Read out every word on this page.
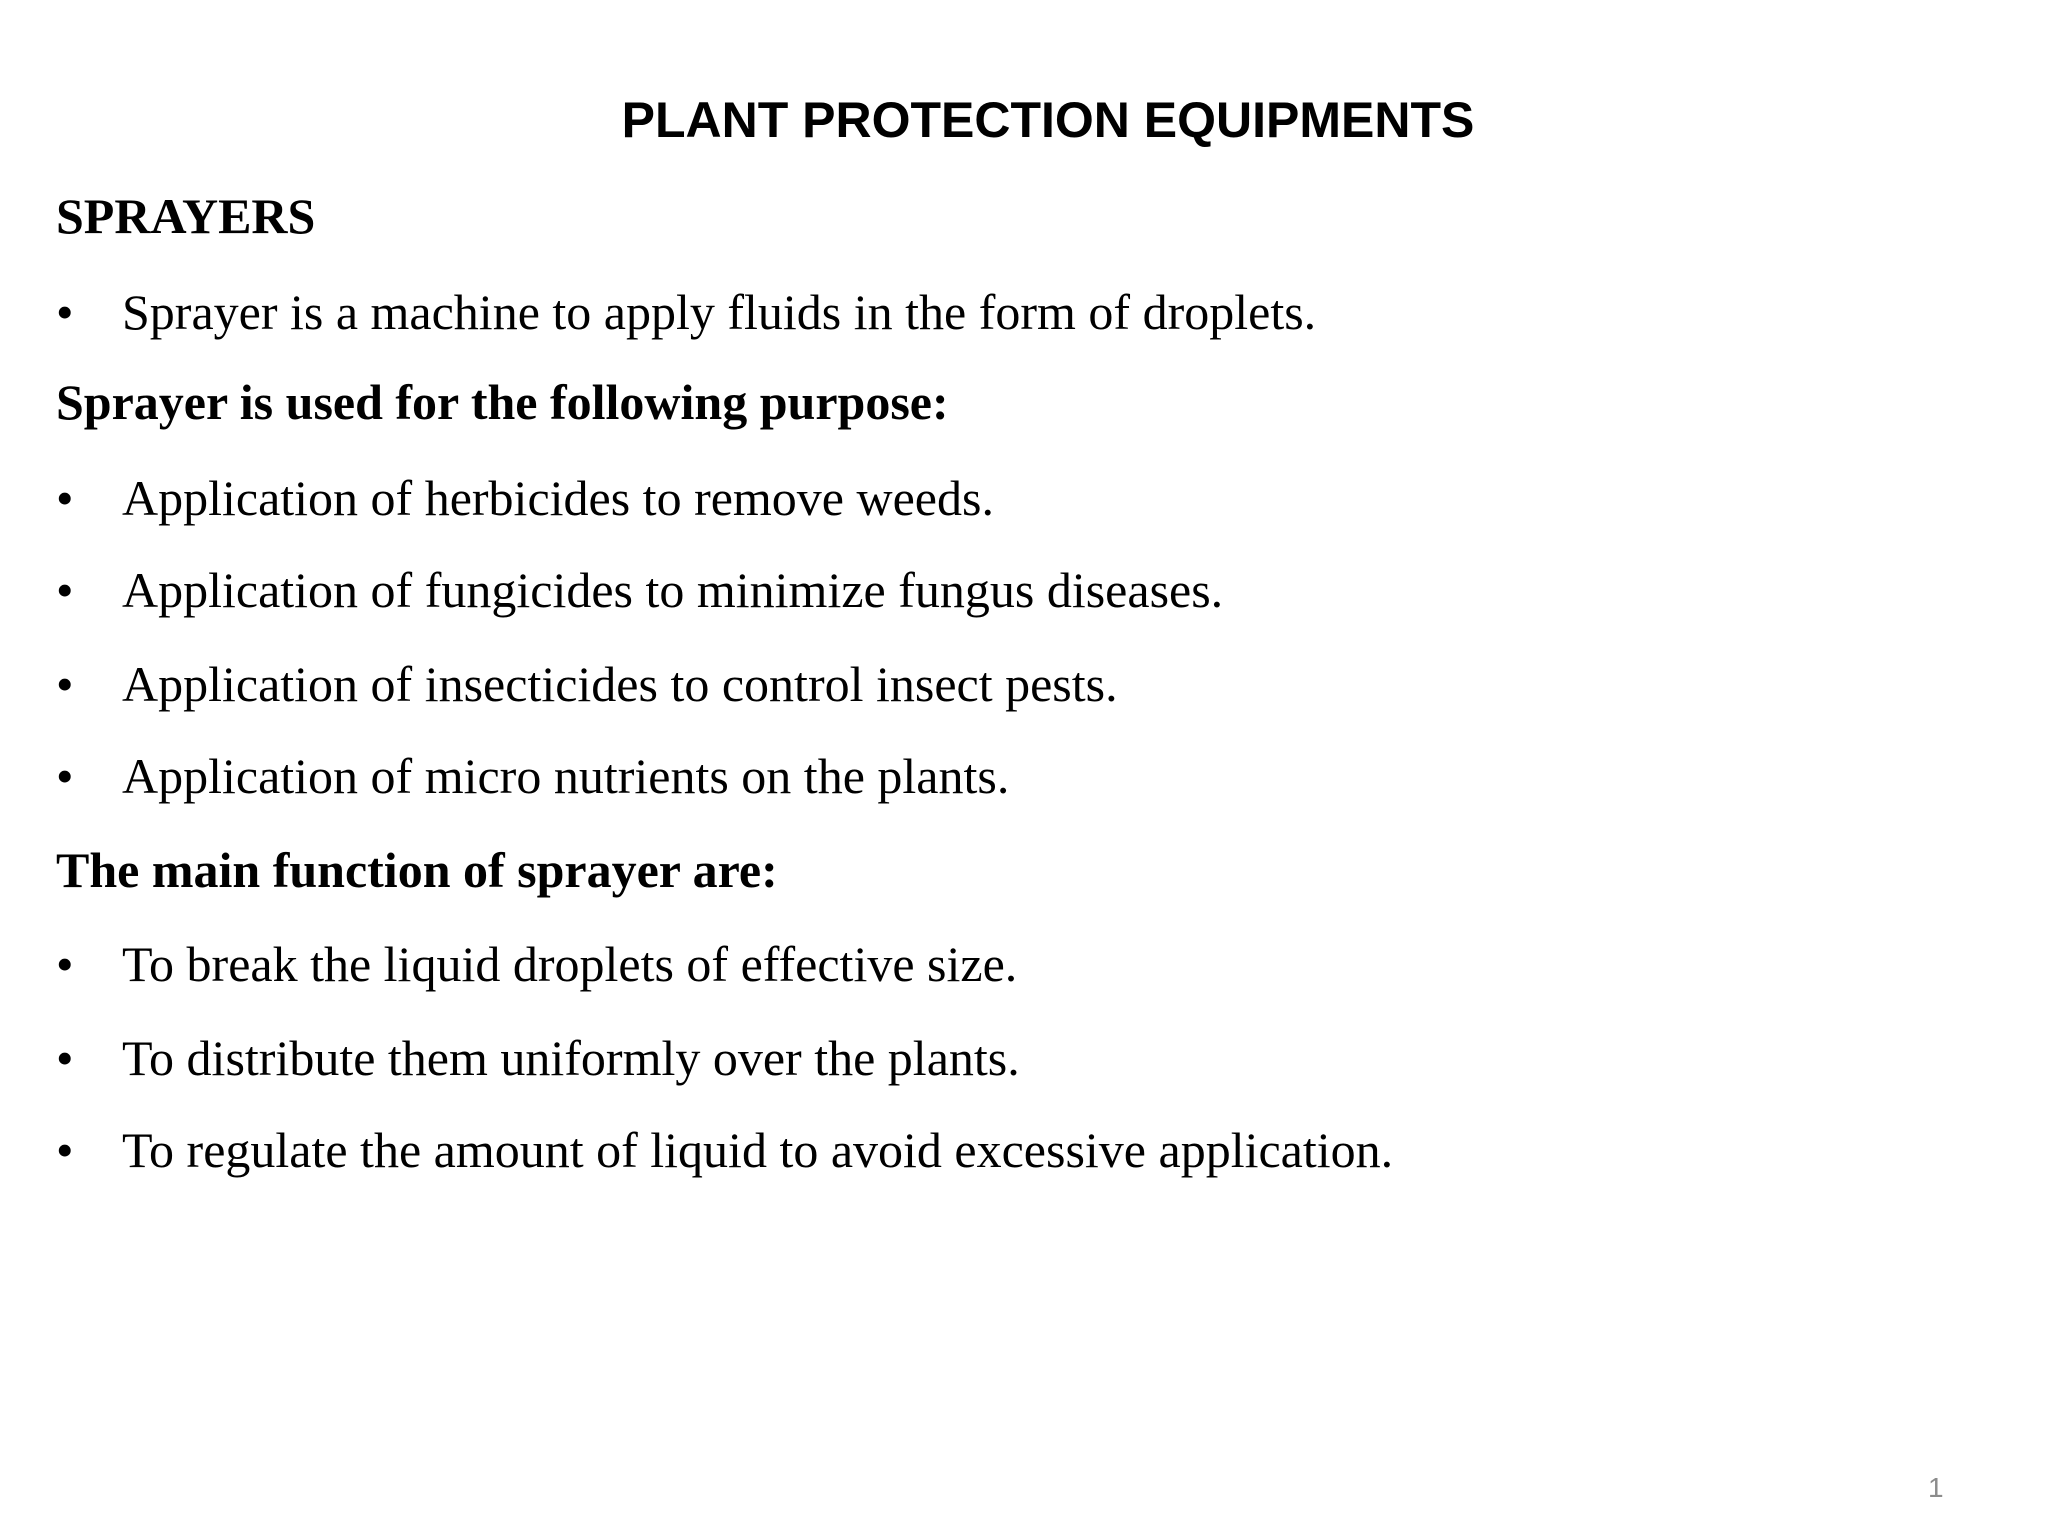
PLANT PROTECTION EQUIPMENTS
SPRAYERS
• Sprayer is a machine to apply fluids in the form of droplets.
Sprayer is used for the following purpose:
• Application of herbicides to remove weeds.
• Application of fungicides to minimize fungus diseases.
• Application of insecticides to control insect pests.
• Application of micro nutrients on the plants.
The main function of sprayer are:
• To break the liquid droplets of effective size.
• To distribute them uniformly over the plants.
• To regulate the amount of liquid to avoid excessive application.
1
